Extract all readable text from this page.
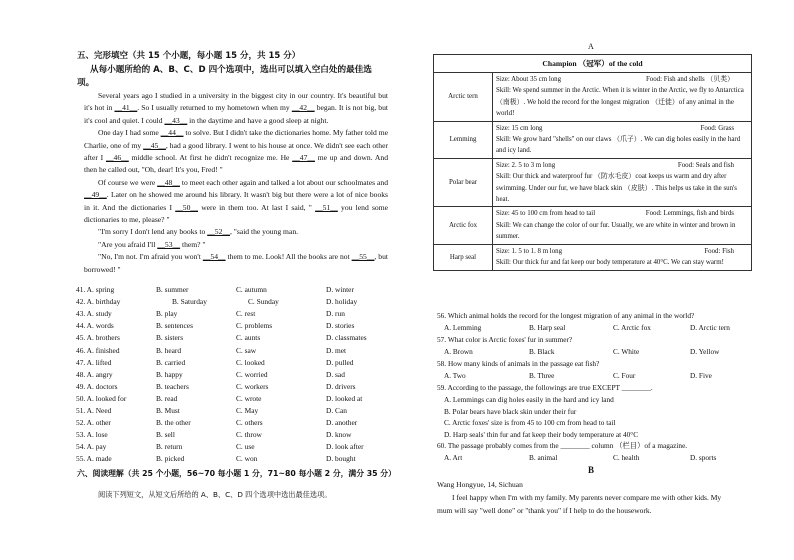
五、完形填空（共 15 个小题，每小题 15 分，共 15 分）
从每小题所给的 A、B、C、D 四个选项中，选出可以填入空白处的最佳选
项。

Several years ago I studied in a university in the biggest city in our country. It's beautiful but it's hot in __41__. So I usually returned to my hometown when my __42__ began. It is not big, but it's cool and quiet. I could __43__ in the daytime and have a good sleep at night.

One day I had some __44__ to solve. But I didn't take the dictionaries home. My father told me Charlie, one of my __45__, had a good library. I went to his house at once. We didn't see each other after I __46__ middle school. At first he didn't recognize me. He __47__ me up and down. And then he called out, "Oh, dear! It's you, Fred! "

Of course we were __48__ to meet each other again and talked a lot about our schoolmates and __49__. Later on he showed me around his library. It wasn't big but there were a lot of nice books in it. And the dictionaries I __50__ were in them too. At last I said, " __51__ you lend some dictionaries to me, please? "

"I'm sorry I don't lend any books to __52__, "said the young man.

"Are you afraid I'll __53__ them? "

"No, I'm not. I'm afraid you won't __54__ them to me. Look! All the books are not __55__, but borrowed! "

41. A. spring	B. summer	C. autumn	D. winter
42. A. birthday	B. Saturday	C. Sunday	D. holiday
43. A. study	B. play	C. rest	D. run
44. A. words	B. sentences	C. problems	D. stories
45. A. brothers	B. sisters	C. aunts	D. classmates
46. A. finished	B. heard	C. saw	D. met
47. A. lifted	B. carried	C. looked	D. pulled
48. A. angry	B. happy	C. worried	D. sad
49. A. doctors	B. teachers	C. workers	D. drivers
50. A. looked for	B. read	C. wrote	D. looked at
51. A. Need	B. Must	C. May	D. Can
52. A. other	B. the other	C. others	D. another
53. A. lose	B. sell	C. throw	D. know
54. A. pay	B. return	C. use	D. look after
55. A. made	B. picked	C. won	D. bought
六、阅读理解（共 25 个小题，56~70 每小题 1 分，71~80 每小题 2 分，满分 35 分）
阅读下列短文，从短文后所给的 A、B、C、D 四个选项中选出最佳选项。
A
Champion （冠军）of the cold	
Arctic tern	Size: About 35 cm long Food: Fish and shells （贝类）
Skill: We spend summer in the Arctic. When it is winter in the Arctic, we fly to Antarctica （南极）. We hold the record for the longest migration （迁徙）of any animal in the world!

Lemming	Size: 15 cm long Food: Grass
Skill: We grow hard "shells" on our claws （爪子）. We can dig holes easily in the hard and icy land.

Polar bear	Size: 2. 5 to 3 m long Food: Seals and fish
Skill: Our thick and waterproof fur （防水毛皮）coat keeps us warm and dry after swimming. Under our fur, we have black skin （皮肤）. This helps us take in the sun's heat.

Arctic fox	Size: 45 to 100 cm from head to tail Food: Lemmings, fish and birds
Skill: We can change the color of our fur. Usually, we are white in winter and brown in summer.

Harp seal	Size: 1. 5 to 1. 8 m long Food: Fish
Skill: Our thick fur and fat keep our body temperature at 40°C. We can stay warm!
56. Which animal holds the record for the longest migration of any animal in the world?
A. Lemming	B. Harp seal	C. Arctic fox	D. Arctic tern
57. What color is Arctic foxes' fur in summer?
A. Brown	B. Black	C. White	D. Yellow
58. How many kinds of animals in the passage eat fish?
A. Two	B. Three	C. Four	D. Five
59. According to the passage, the followings are true EXCEPT ________.
A. Lemmings can dig holes easily in the hard and icy land
B. Polar bears have black skin under their fur
C. Arctic foxes' size is from 45 to 100 cm from head to tail
D. Harp seals' thin fur and fat keep their body temperature at 40°C
60. The passage probably comes from the ________ column （栏目）of a magazine.
A. Art	B. animal	C. health	D. sports
B
Wang Hongyue, 14, Sichuan
I feel happy when I'm with my family. My parents never compare me with other kids. My
mum will say "well done" or "thank you" if I help to do the housework.
